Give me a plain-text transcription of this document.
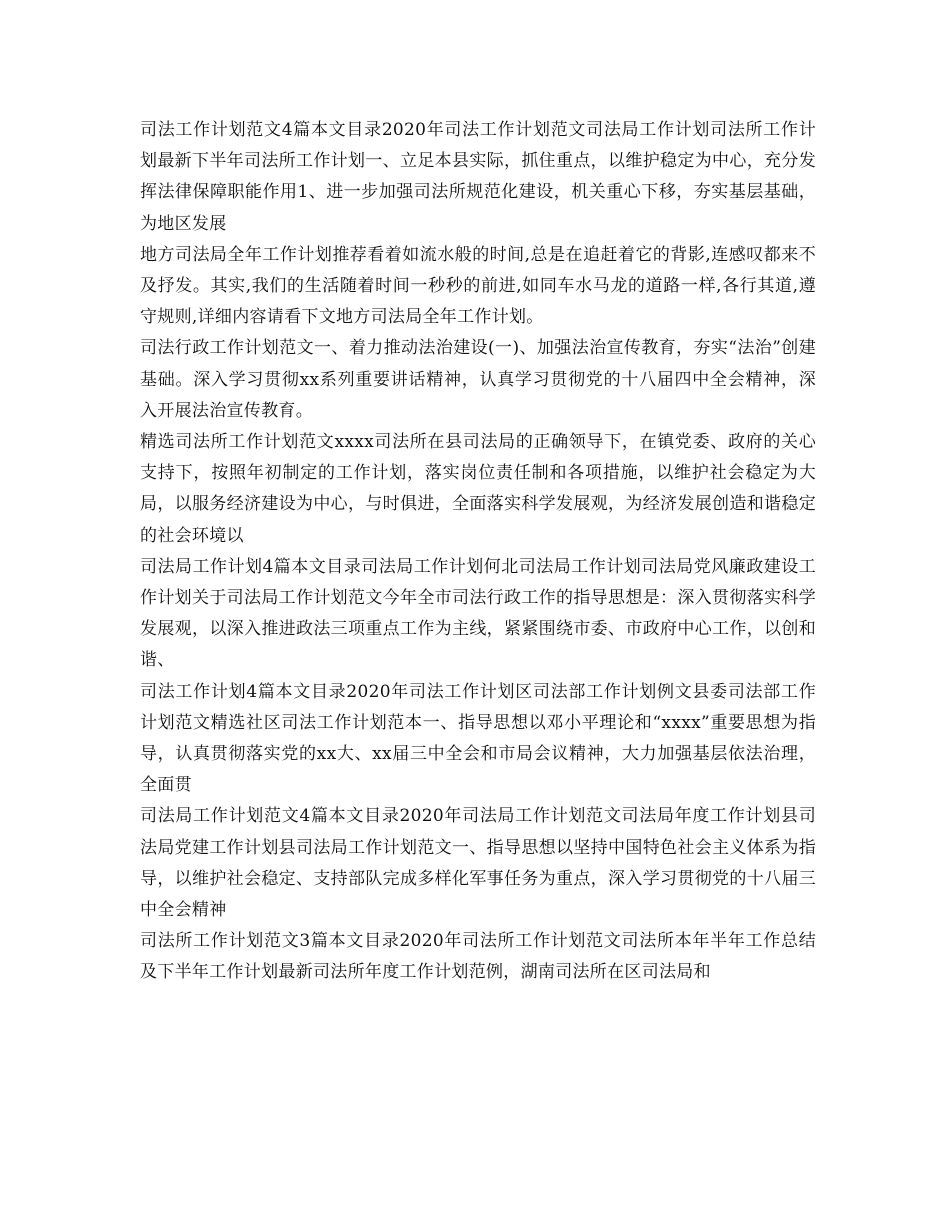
司法工作计划范文4篇本文目录2020年司法工作计划范文司法局工作计划司法所工作计划最新下半年司法所工作计划一、立足本县实际，抓住重点，以维护稳定为中心，充分发挥法律保障职能作用1、进一步加强司法所规范化建设，机关重心下移，夯实基层基础，为地区发展

地方司法局全年工作计划推荐看着如流水般的时间,总是在追赶着它的背影,连感叹都来不及抒发。其实,我们的生活随着时间一秒秒的前进,如同车水马龙的道路一样,各行其道,遵守规则,详细内容请看下文地方司法局全年工作计划。

司法行政工作计划范文一、着力推动法治建设(一)、加强法治宣传教育，夯实“法治”创建基础。深入学习贯彻xx系列重要讲话精神，认真学习贯彻党的十八届四中全会精神，深入开展法治宣传教育。

精选司法所工作计划范文xxxx司法所在县司法局的正确领导下，在镇党委、政府的关心支持下，按照年初制定的工作计划，落实岗位责任制和各项措施，以维护社会稳定为大局，以服务经济建设为中心，与时俱进，全面落实科学发展观，为经济发展创造和谐稳定的社会环境以

司法局工作计划4篇本文目录司法局工作计划何北司法局工作计划司法局党风廉政建设工作计划关于司法局工作计划范文今年全市司法行政工作的指导思想是：深入贯彻落实科学发展观，以深入推进政法三项重点工作为主线，紧紧围绕市委、市政府中心工作，以创和谐、

司法工作计划4篇本文目录2020年司法工作计划区司法部工作计划例文县委司法部工作计划范文精选社区司法工作计划范本一、指导思想以邓小平理论和“xxxx”重要思想为指导，认真贯彻落实党的xx大、xx届三中全会和市局会议精神，大力加强基层依法治理，全面贯

司法局工作计划范文4篇本文目录2020年司法局工作计划范文司法局年度工作计划县司法局党建工作计划县司法局工作计划范文一、指导思想以坚持中国特色社会主义体系为指导，以维护社会稳定、支持部队完成多样化军事任务为重点，深入学习贯彻党的十八届三中全会精神

司法所工作计划范文3篇本文目录2020年司法所工作计划范文司法所本年半年工作总结及下半年工作计划最新司法所年度工作计划范例，湖南司法所在区司法局和
